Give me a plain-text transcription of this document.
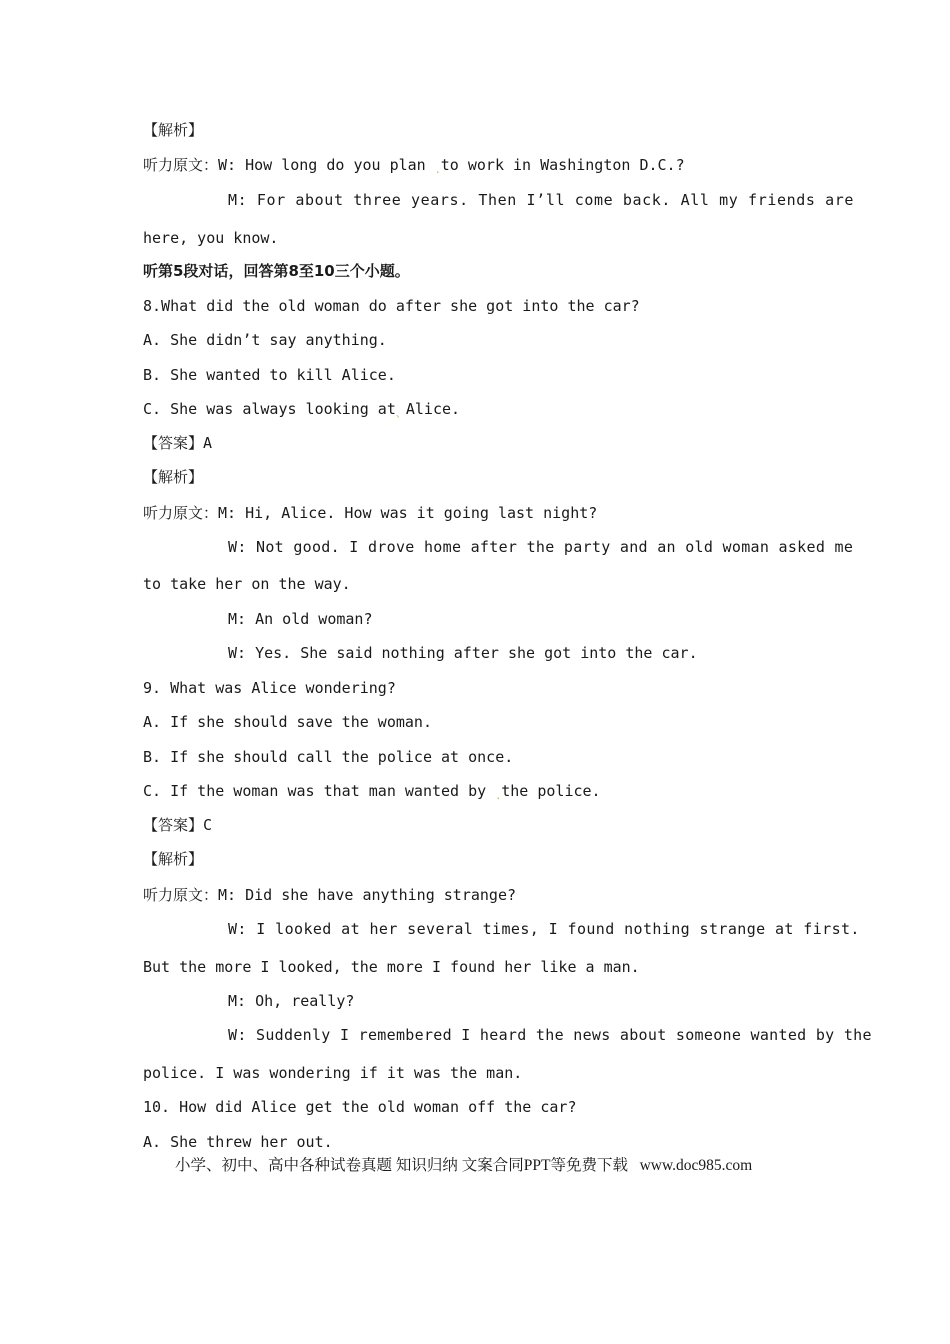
【解析】
听力原文：W: How long do you plan $_.$to work in Washington D.C.?
M: For about three years. Then I’ll come back. All my friends are
here, you know.
听第5段对话，回答第8至10三个小题。
8.What did the old woman do after she got into the car?
A. She didn’t say anything.
B. She wanted to kill Alice.
C. She was always looking $at_、Alice$.
【答案】A
【解析】
听力原文：M: Hi, Alice. How was it going last night?
W: Not good. I drove home after the party and an old woman asked me
to take her on the way.
M: An old woman?
W: Yes. She said nothing after she got into the car.
9. What was Alice wondering?
A. If she should save the woman.
B. If she should call the police at once.
C. If the woman was that man wanted by $_.$the police.
【答案】C
【解析】
听力原文：M: Did she have anything strange?
W: I looked at her several times, I found nothing strange at first.
But the more I looked, the more I found her like a man.
M: Oh, really?
W: Suddenly I remembered I heard the news about someone wanted by the
police. I was wondering if it was the man.
10. How did Alice get the old woman off the car?
A. She threw her out.
小学、初中、高中各种试卷真题 知识归纳 文案合同PPT等免费下载   www.doc985.com
